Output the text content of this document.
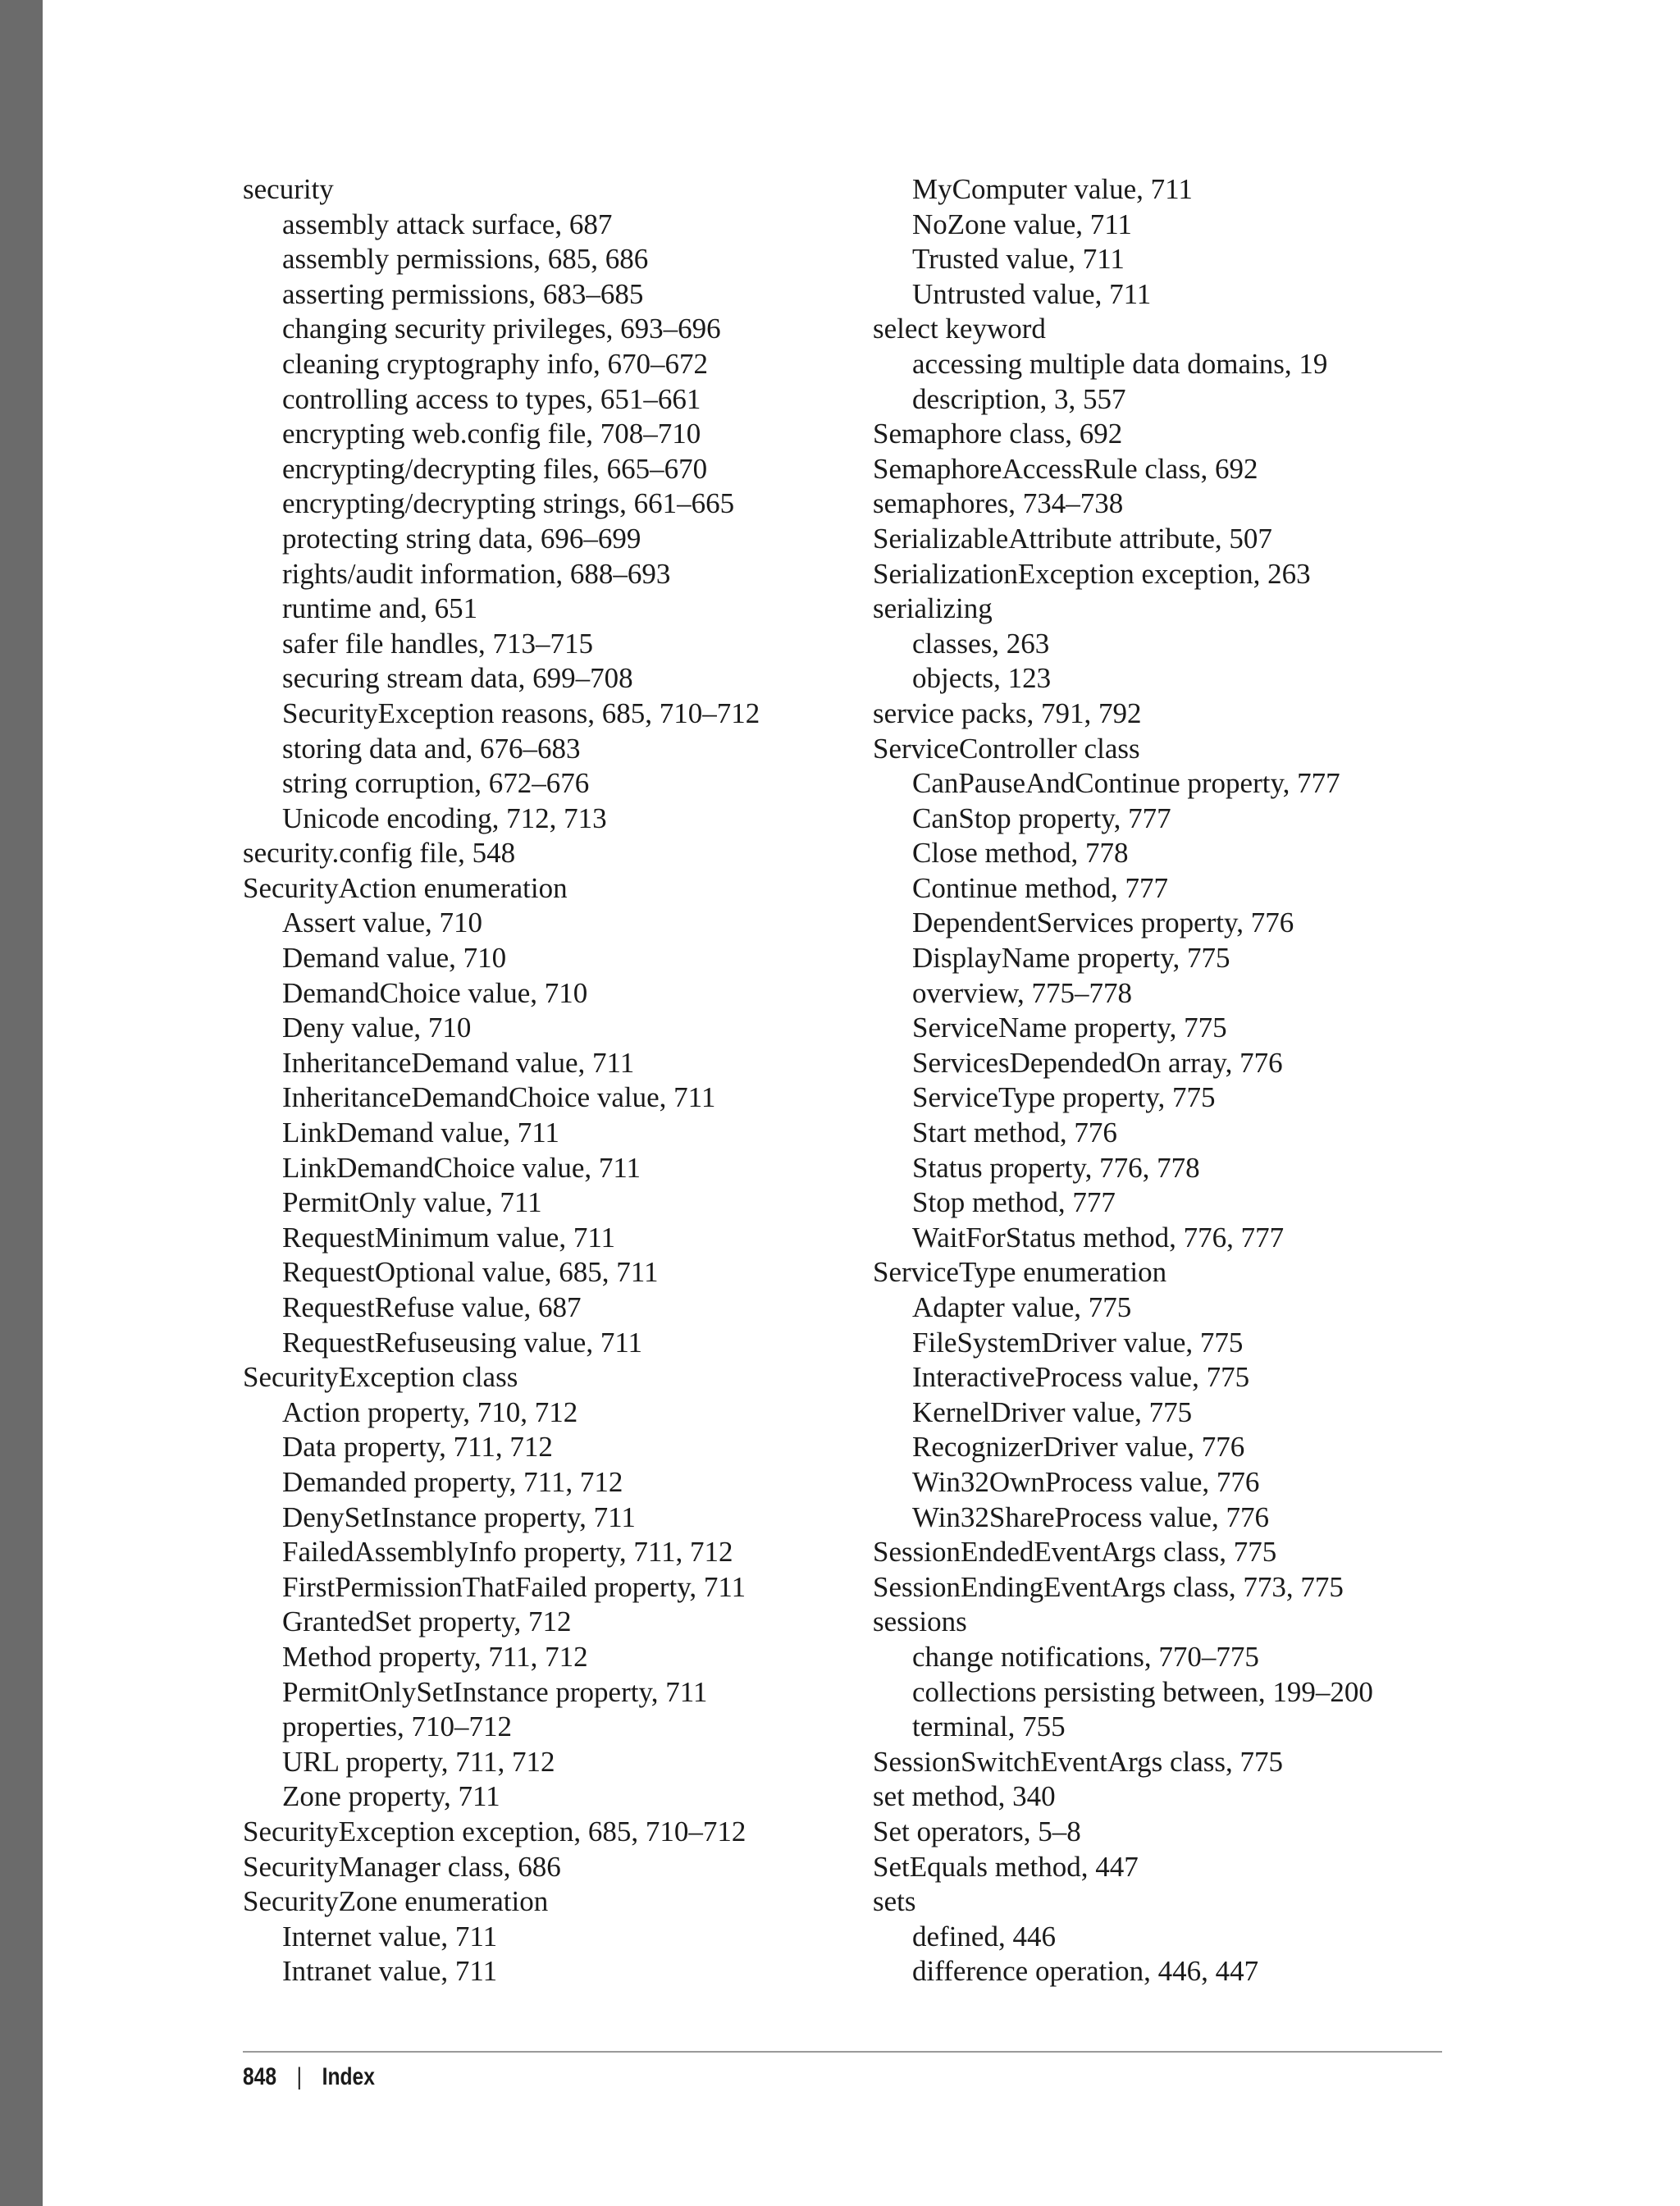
security
assembly attack surface, 687
assembly permissions, 685, 686
asserting permissions, 683–685
changing security privileges, 693–696
cleaning cryptography info, 670–672
controlling access to types, 651–661
encrypting web.config file, 708–710
encrypting/decrypting files, 665–670
encrypting/decrypting strings, 661–665
protecting string data, 696–699
rights/audit information, 688–693
runtime and, 651
safer file handles, 713–715
securing stream data, 699–708
SecurityException reasons, 685, 710–712
storing data and, 676–683
string corruption, 672–676
Unicode encoding, 712, 713
security.config file, 548
SecurityAction enumeration
Assert value, 710
Demand value, 710
DemandChoice value, 710
Deny value, 710
InheritanceDemand value, 711
InheritanceDemandChoice value, 711
LinkDemand value, 711
LinkDemandChoice value, 711
PermitOnly value, 711
RequestMinimum value, 711
RequestOptional value, 685, 711
RequestRefuse value, 687
RequestRefuseusing value, 711
SecurityException class
Action property, 710, 712
Data property, 711, 712
Demanded property, 711, 712
DenySetInstance property, 711
FailedAssemblyInfo property, 711, 712
FirstPermissionThatFailed property, 711
GrantedSet property, 712
Method property, 711, 712
PermitOnlySetInstance property, 711
properties, 710–712
URL property, 711, 712
Zone property, 711
SecurityException exception, 685, 710–712
SecurityManager class, 686
SecurityZone enumeration
Internet value, 711
Intranet value, 711
MyComputer value, 711
NoZone value, 711
Trusted value, 711
Untrusted value, 711
select keyword
accessing multiple data domains, 19
description, 3, 557
Semaphore class, 692
SemaphoreAccessRule class, 692
semaphores, 734–738
SerializableAttribute attribute, 507
SerializationException exception, 263
serializing
classes, 263
objects, 123
service packs, 791, 792
ServiceController class
CanPauseAndContinue property, 777
CanStop property, 777
Close method, 778
Continue method, 777
DependentServices property, 776
DisplayName property, 775
overview, 775–778
ServiceName property, 775
ServicesDependedOn array, 776
ServiceType property, 775
Start method, 776
Status property, 776, 778
Stop method, 777
WaitForStatus method, 776, 777
ServiceType enumeration
Adapter value, 775
FileSystemDriver value, 775
InteractiveProcess value, 775
KernelDriver value, 775
RecognizerDriver value, 776
Win32OwnProcess value, 776
Win32ShareProcess value, 776
SessionEndedEventArgs class, 775
SessionEndingEventArgs class, 773, 775
sessions
change notifications, 770–775
collections persisting between, 199–200
terminal, 755
SessionSwitchEventArgs class, 775
set method, 340
Set operators, 5–8
SetEquals method, 447
sets
defined, 446
difference operation, 446, 447
848 | Index
